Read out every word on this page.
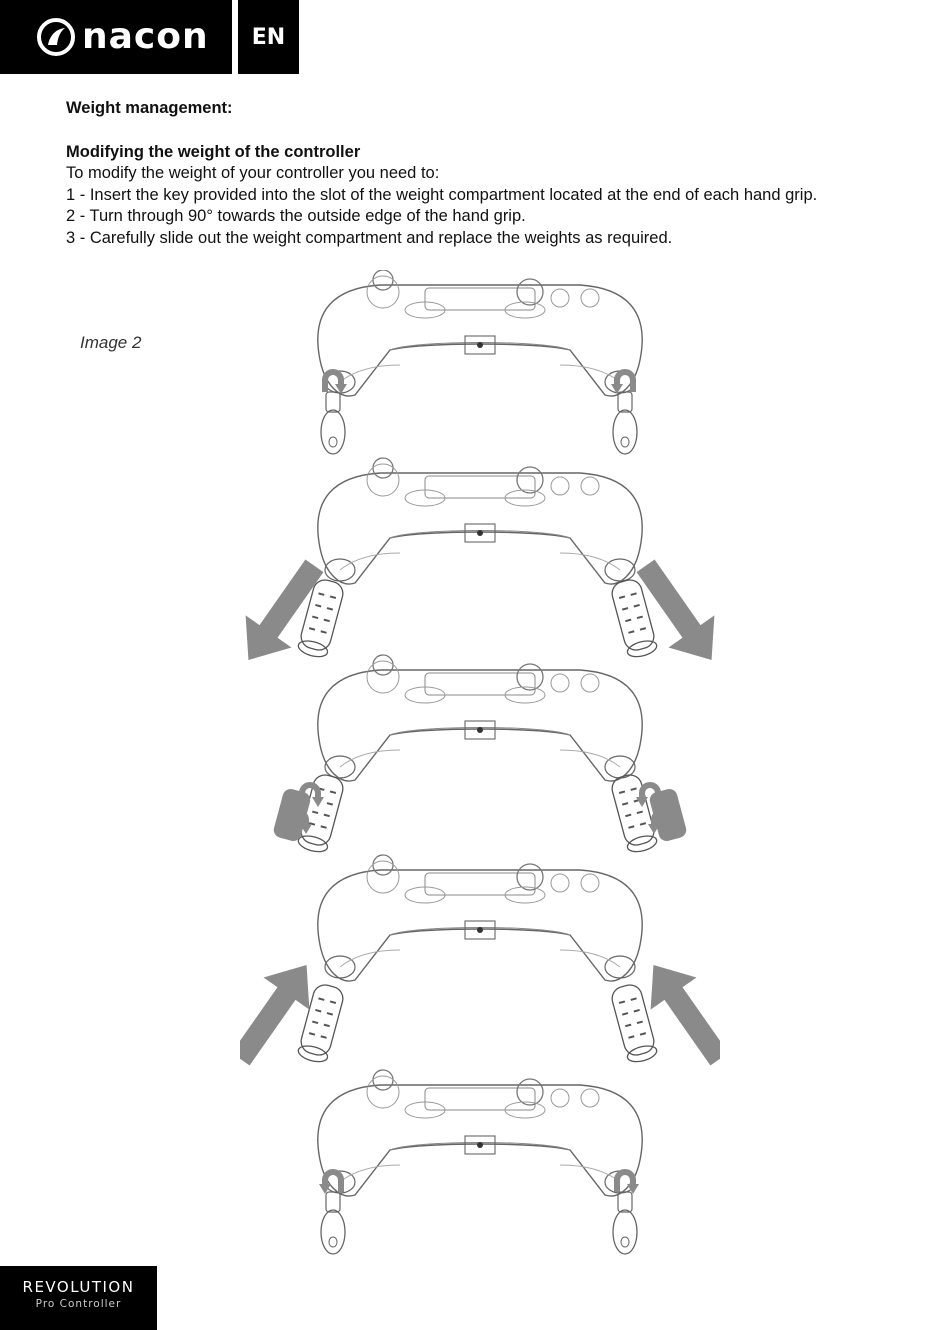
nacon	EN

Weight management:

Modifying the weight of the controller

To modify the weight of your controller you need to:

1 - Insert the key provided into the slot of the weight compartment located at the end of each hand grip.

2 - Turn through 90° towards the outside edge of the hand grip.

3 - Carefully slide out the weight compartment and replace the weights as required.

Image 2
REVOLUTION
Pro Controller
